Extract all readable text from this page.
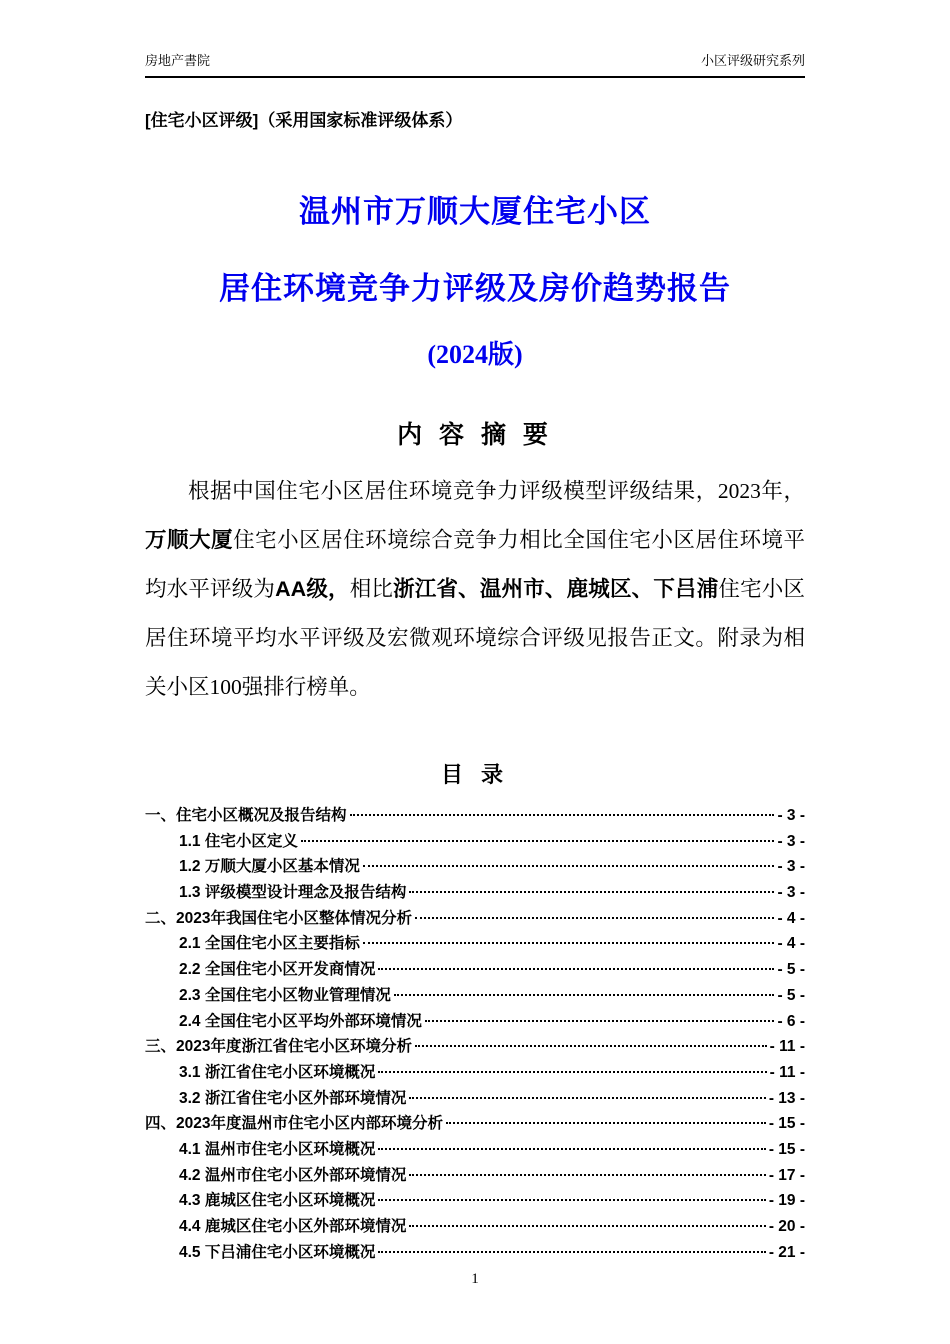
房地产書院	小区评级研究系列
[住宅小区评级]（采用国家标准评级体系）
温州市万顺大厦住宅小区
居住环境竞争力评级及房价趋势报告
(2024版)
内 容 摘 要

根据中国住宅小区居住环境竞争力评级模型评级结果，2023年，万顺大厦住宅小区居住环境综合竞争力相比全国住宅小区居住环境平均水平评级为AA级，相比浙江省、温州市、鹿城区、下吕浦住宅小区居住环境平均水平评级及宏微观环境综合评级见报告正文。附录为相关小区100强排行榜单。

目 录
一、住宅小区概况及报告结构	- 3 -
1.1 住宅小区定义	- 3 -
1.2 万顺大厦小区基本情况	- 3 -
1.3 评级模型设计理念及报告结构	- 3 -
二、2023年我国住宅小区整体情况分析	- 4 -
2.1 全国住宅小区主要指标	- 4 -
2.2 全国住宅小区开发商情况	- 5 -
2.3 全国住宅小区物业管理情况	- 5 -
2.4 全国住宅小区平均外部环境情况	- 6 -
三、2023年度浙江省住宅小区环境分析	- 11 -
3.1 浙江省住宅小区环境概况	- 11 -
3.2 浙江省住宅小区外部环境情况	- 13 -
四、2023年度温州市住宅小区内部环境分析	- 15 -
4.1 温州市住宅小区环境概况	- 15 -
4.2 温州市住宅小区外部环境情况	- 17 -
4.3 鹿城区住宅小区环境概况	- 19 -
4.4 鹿城区住宅小区外部环境情况	- 20 -
4.5 下吕浦住宅小区环境概况	- 21 -
1
